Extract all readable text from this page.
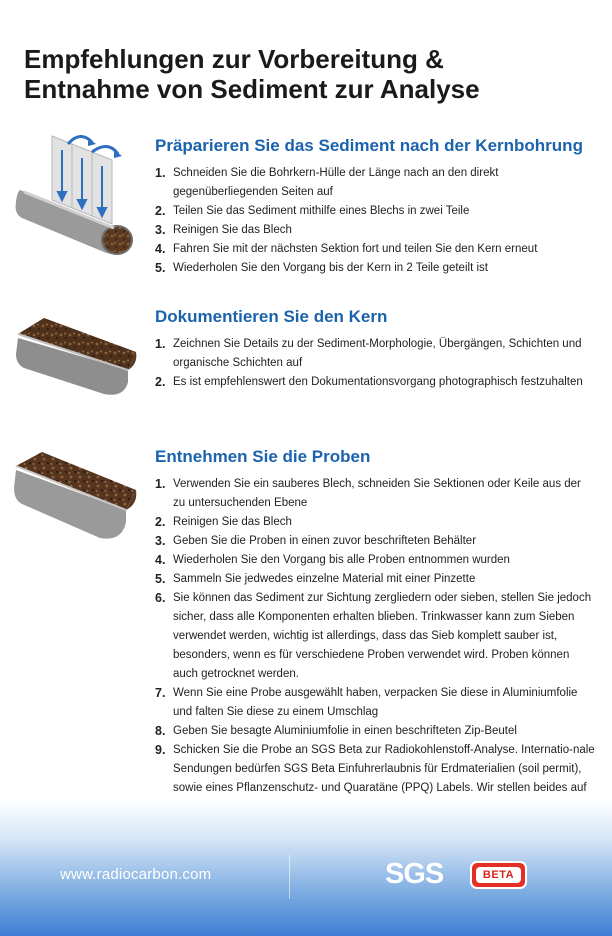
Empfehlungen zur Vorbereitung &
Entnahme von Sediment zur Analyse
Präparieren Sie das Sediment nach der Kernbohrung
1. Schneiden Sie die Bohrkern-Hülle der Länge nach an den direkt gegenüberliegenden Seiten auf
2. Teilen Sie das Sediment mithilfe eines Blechs in zwei Teile
3. Reinigen Sie das Blech
4. Fahren Sie mit der nächsten Sektion fort und teilen Sie den Kern erneut
5. Wiederholen Sie den Vorgang bis der Kern in 2 Teile geteilt ist
Dokumentieren Sie den Kern
1. Zeichnen Sie Details zu der Sediment-Morphologie, Übergängen, Schichten und organische Schichten auf
2. Es ist empfehlenswert den Dokumentationsvorgang photographisch festzuhalten
Entnehmen Sie die Proben
1. Verwenden Sie ein sauberes Blech, schneiden Sie Sektionen oder Keile aus der zu untersuchenden Ebene
2. Reinigen Sie das Blech
3. Geben Sie die Proben in einen zuvor beschrifteten Behälter
4. Wiederholen Sie den Vorgang bis alle Proben entnommen wurden
5. Sammeln Sie jedwedes einzelne Material mit einer Pinzette
6. Sie können das Sediment zur Sichtung zergliedern oder sieben, stellen Sie jedoch sicher, dass alle Komponenten erhalten blieben. Trinkwasser kann zum Sieben verwendet werden, wichtig ist allerdings, dass das Sieb komplett sauber ist, besonders, wenn es für verschiedene Proben verwendet wird. Proben können auch getrocknet werden.
7. Wenn Sie eine Probe ausgewählt haben, verpacken Sie diese in Aluminiumfolie und falten Sie diese zu einem Umschlag
8. Geben Sie besagte Aluminiumfolie in einen beschrifteten Zip-Beutel
9. Schicken Sie die Probe an SGS Beta zur Radiokohlenstoff-Analyse. Internatio-nale Sendungen bedürfen SGS Beta Einfuhrerlaubnis für Erdmaterialien (soil permit), sowie eines Pflanzenschutz- und Quaratäne (PPQ) Labels. Wir stellen beides auf
www.radiocarbon.com	SGS	BETA
